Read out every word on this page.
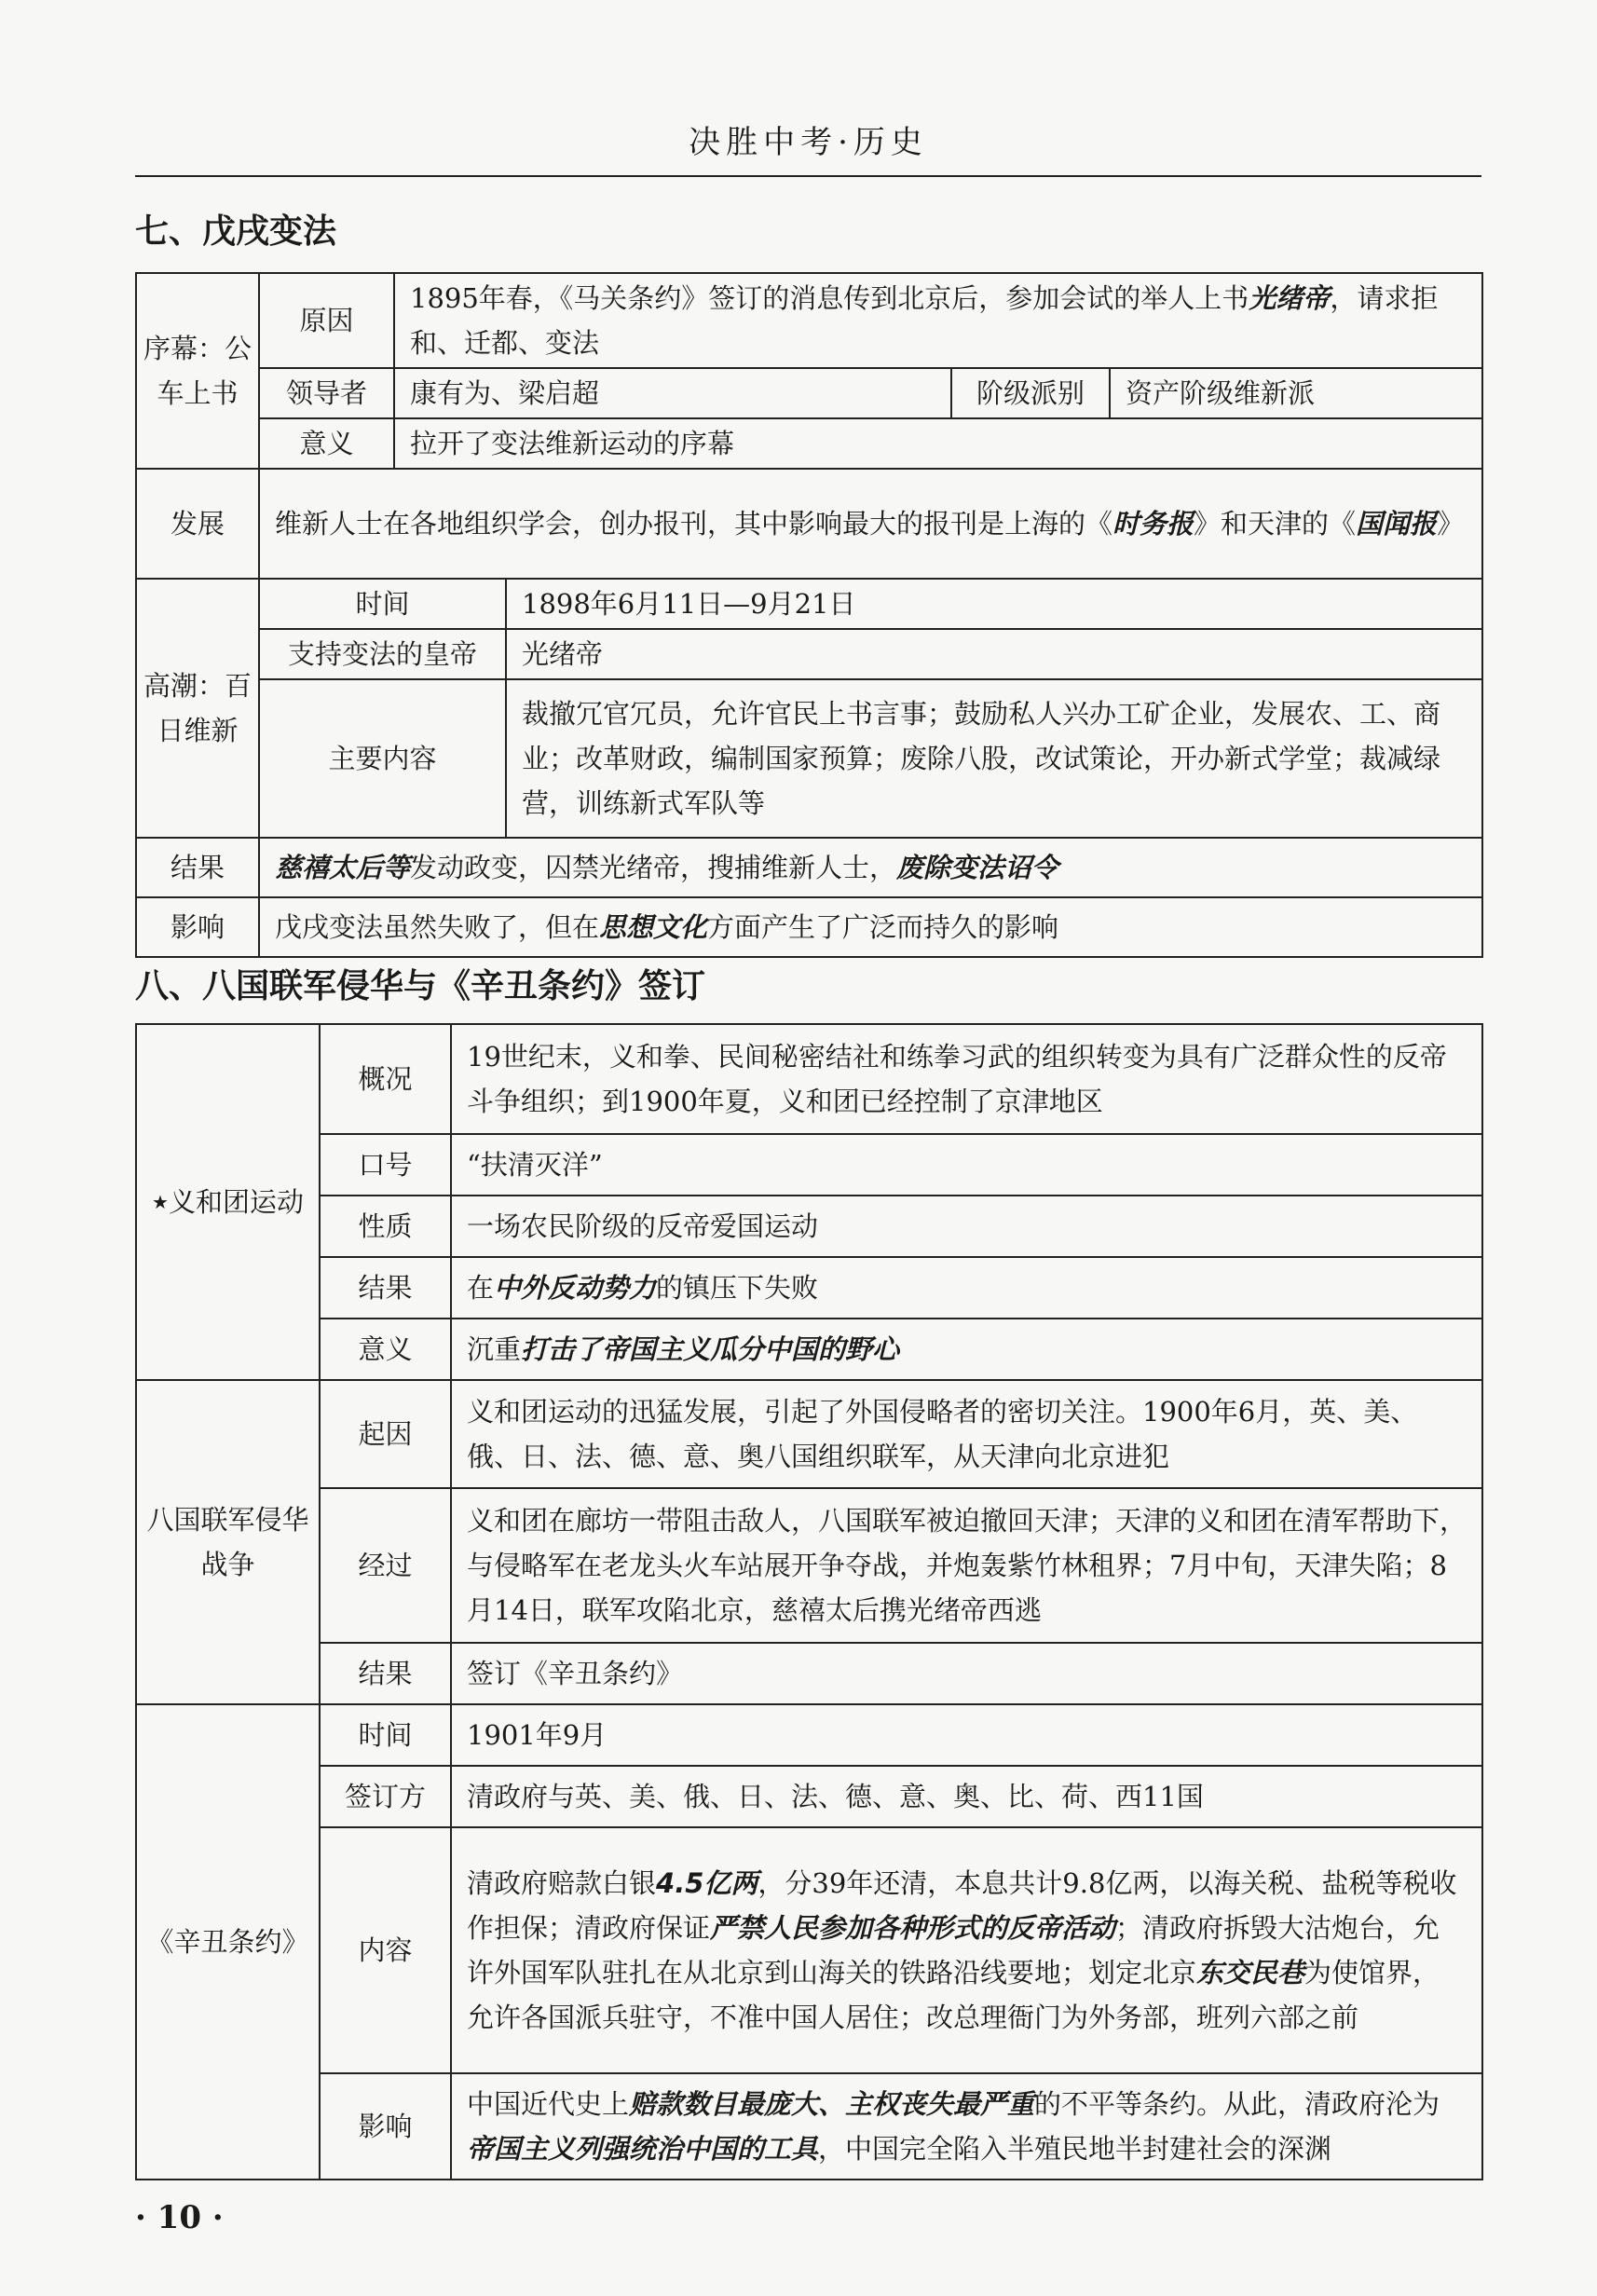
决胜中考·历史
七、戊戌变法
序幕：公车上书	原因	1895年春，《马关条约》签订的消息传到北京后，参加会试的举人上书光绪帝，请求拒和、迁都、变法			
	领导者	康有为、梁启超		阶级派别	资产阶级维新派
	意义	拉开了变法维新运动的序幕			
发展	维新人士在各地组织学会，创办报刊，其中影响最大的报刊是上海的《时务报》和天津的《国闻报》				
高潮：百日维新	时间		1898年6月11日—9月21日		
	支持变法的皇帝		光绪帝		
	主要内容		裁撤冗官冗员，允许官民上书言事；鼓励私人兴办工矿企业，发展农、工、商业；改革财政，编制国家预算；废除八股，改试策论，开办新式学堂；裁减绿营，训练新式军队等		
结果	慈禧太后等发动政变，囚禁光绪帝，搜捕维新人士，废除变法诏令				
影响	戊戌变法虽然失败了，但在思想文化方面产生了广泛而持久的影响				
八、八国联军侵华与《辛丑条约》签订
★义和团运动	概况	19世纪末，义和拳、民间秘密结社和练拳习武的组织转变为具有广泛群众性的反帝斗争组织；到1900年夏，义和团已经控制了京津地区
	口号	“扶清灭洋”
	性质	一场农民阶级的反帝爱国运动
	结果	在中外反动势力的镇压下失败
	意义	沉重打击了帝国主义瓜分中国的野心
八国联军侵华战争	起因	义和团运动的迅猛发展，引起了外国侵略者的密切关注。1900年6月，英、美、俄、日、法、德、意、奥八国组织联军，从天津向北京进犯
	经过	义和团在廊坊一带阻击敌人，八国联军被迫撤回天津；天津的义和团在清军帮助下，与侵略军在老龙头火车站展开争夺战，并炮轰紫竹林租界；7月中旬，天津失陷；8月14日，联军攻陷北京，慈禧太后携光绪帝西逃
	结果	签订《辛丑条约》
《辛丑条约》	时间	1901年9月
	签订方	清政府与英、美、俄、日、法、德、意、奥、比、荷、西11国
	内容	清政府赔款白银4.5亿两，分39年还清，本息共计9.8亿两，以海关税、盐税等税收作担保；清政府保证严禁人民参加各种形式的反帝活动；清政府拆毁大沽炮台，允许外国军队驻扎在从北京到山海关的铁路沿线要地；划定北京东交民巷为使馆界，允许各国派兵驻守，不准中国人居住；改总理衙门为外务部，班列六部之前
	影响	中国近代史上赔款数目最庞大、主权丧失最严重的不平等条约。从此，清政府沦为帝国主义列强统治中国的工具，中国完全陷入半殖民地半封建社会的深渊
· 10 ·
